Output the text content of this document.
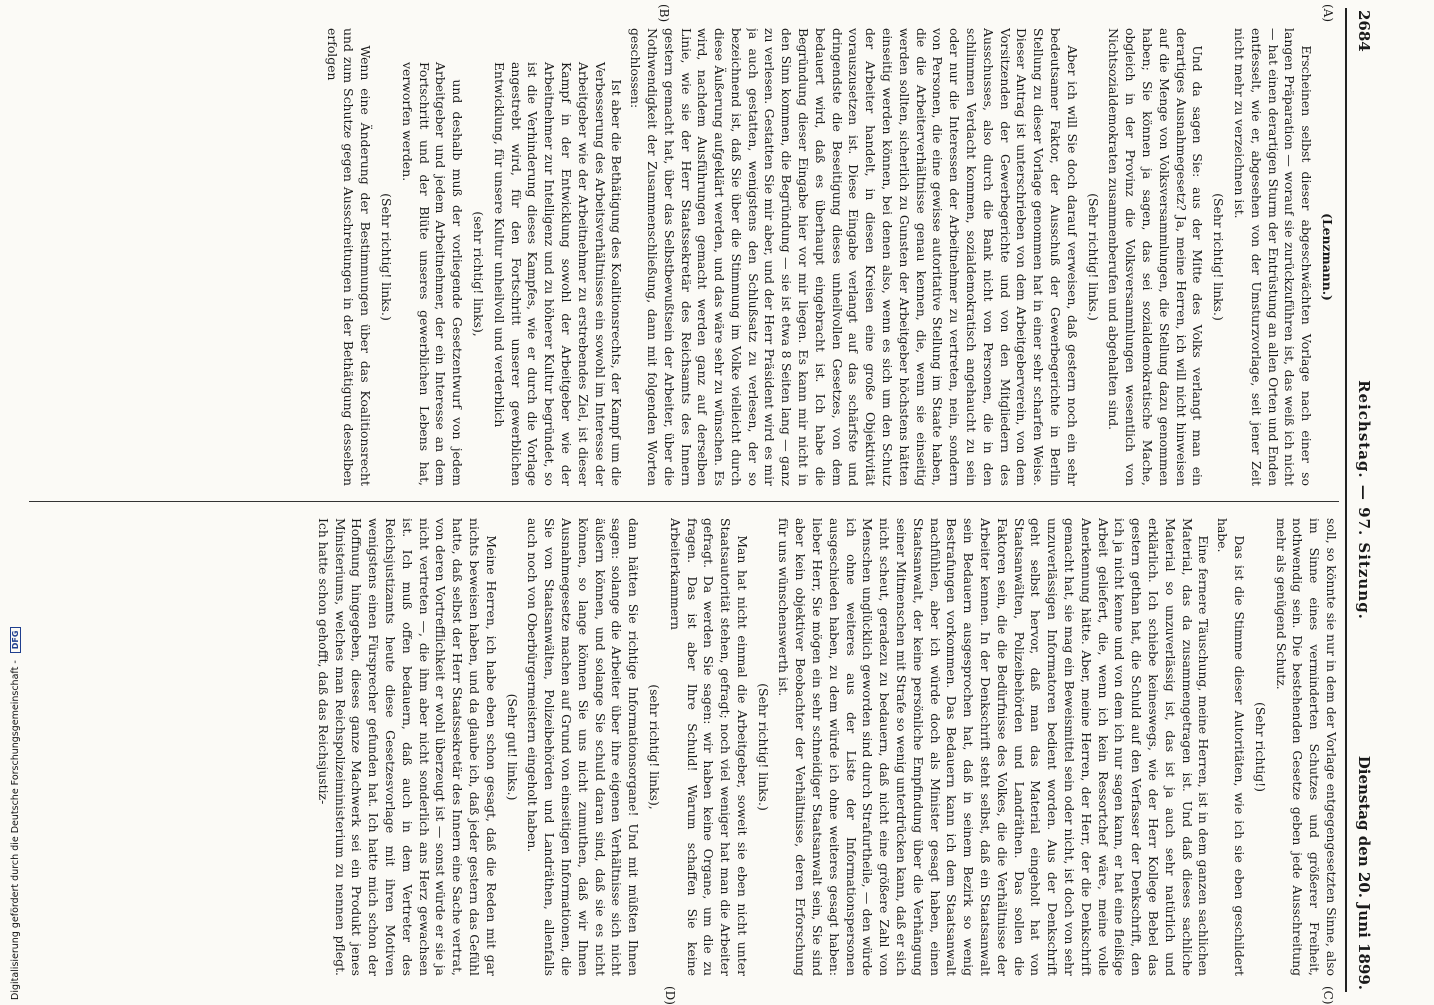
2684
Reichstag. — 97. Sitzung.
Dienstag den 20. Juni 1899.
(A)
(B)
(C)
(D)

(Lenzmann.)

Erscheinen selbst dieser abgeschwächten Vorlage nach einer so langen Präparation — worauf sie zurückzuführen ist, das weiß ich nicht — hat einen derartigen Sturm der Entrüstung an allen Orten und Enden entfesselt, wie er, abgesehen von der Umsturzvorlage, seit jener Zeit nicht mehr zu verzeichnen ist.

(Sehr richtig! links.)

Und da sagen Sie: aus der Mitte des Volks verlangt man ein derartiges Ausnahmegesetz? Ja, meine Herren, ich will nicht hinweisen auf die Menge von Volksversammlungen, die Stellung dazu genommen haben; Sie können ja sagen, das sei sozialdemokratische Mache, obgleich in der Provinz die Volksversammlungen wesentlich von Nichtsozialdemokraten zusammenberufen und abgehalten sind.

(Sehr richtig! links.)

Aber ich will Sie doch darauf verweisen, daß gestern noch ein sehr bedeutsamer Faktor, der Ausschuß der Gewerbegerichte in Berlin Stellung zu dieser Vorlage genommen hat in einer sehr scharfen Weise. Dieser Antrag ist unterschrieben von dem Arbeitgeberverein, von dem Vorsitzenden der Gewerbegerichte und von den Mitgliedern des Ausschusses, also durch die Bank nicht von Personen, die in den schlimmen Verdacht kommen, sozialdemokratisch angehaucht zu sein oder nur die Interessen der Arbeitnehmer zu vertreten, nein, sondern von Personen, die eine gewisse autoritative Stellung im Staate haben, die die Arbeiterverhältnisse genau kennen, die, wenn sie einseitig werden sollten, sicherlich zu Gunsten der Arbeitgeber höchstens hätten einseitig werden können, bei denen also, wenn es sich um den Schutz der Arbeiter handelt, in diesen Kreisen eine große Objektivität vorauszusetzen ist. Diese Eingabe verlangt auf das schärfste und dringendste die Beseitigung dieses unheilvollen Gesetzes, von dem bedauert wird, daß es überhaupt eingebracht ist. Ich habe die Begründung dieser Eingabe hier vor mir liegen. Es kann mir nicht in den Sinn kommen, die Begründung — sie ist etwa 8 Seiten lang — ganz zu verlesen. Gestatten Sie mir aber, und der Herr Präsident wird es mir ja auch gestatten, wenigstens den Schlußsatz zu verlesen, der so bezeichnend ist, daß Sie über die Stimmung im Volke vielleicht durch diese Äußerung aufgeklärt werden, und das wäre sehr zu wünschen. Es wird, nachdem Ausführungen gemacht werden ganz auf derselben Linie, wie sie der Herr Staatssekretär des Reichsamts des Innern gestern gemacht hat, über das Selbstbewußtsein der Arbeiter, über die Nothwendigkeit der Zusammenschließung, dann mit folgenden Worten geschlossen:

Ist aber die Bethätigung des Koalitionsrechts, der Kampf um die Verbesserung des Arbeitsverhältnisses ein sowohl im Interesse der Arbeitgeber wie der Arbeitnehmer zu erstrebendes Ziel, ist dieser Kampf in der Entwicklung sowohl der Arbeitgeber wie der Arbeitnehmer zur Intelligenz und zu höherer Kultur begründet, so ist die Verhinderung dieses Kampfes, wie er durch die Vorlage angestrebt wird, für den Fortschritt unserer gewerblichen Entwicklung, für unsere Kultur unheilvoll und verderblich

(sehr richtig! links),

und deshalb muß der vorliegende Gesetzentwurf von jedem Arbeitgeber und jedem Arbeitnehmer, der ein Interesse an dem Fortschritt und der Blüte unseres gewerblichen Lebens hat, verworfen werden.

(Sehr richtig! links.)

Wenn eine Änderung der Bestimmungen über das Koalitionsrecht und zum Schutze gegen Ausschreitungen in der Bethätigung desselben erfolgen

soll, so könnte sie nur in dem der Vorlage entgegengesetzten Sinne, also im Sinne eines verminderten Schutzes und größerer Freiheit, nothwendig sein. Die bestehenden Gesetze geben jede Ausschreitung mehr als genügend Schutz.

(Sehr richtig!)

Das ist die Stimme dieser Autoritäten, wie ich sie eben geschildert habe.

Eine fernere Täuschung, meine Herren, ist in dem ganzen sachlichen Material, das da zusammengetragen ist. Und daß dieses sachliche Material so unzuverlässig ist, das ist ja auch sehr natürlich und erklärlich. Ich schiebe keineswegs, wie der Herr Kollege Bebel das gestern gethan hat, die Schuld auf den Verfasser der Denkschrift, den ich ja nicht kenne und von dem ich nur sagen kann, er hat eine fleißige Arbeit geliefert, die, wenn ich kein Ressortchef wäre, meine volle Anerkennung hätte. Aber, meine Herren, der Herr, der die Denkschrift gemacht hat, sie mag ein Beweismittel sein oder nicht, ist doch von sehr unzuverlässigen Informatoren bedient worden. Aus der Denkschrift geht selbst hervor, daß man das Material eingeholt hat von Staatsanwälten, Polizeibehörden und Landräthen. Das sollen die Faktoren sein, die die Bedürfnisse des Volkes, die die Verhältnisse der Arbeiter kennen. In der Denkschrift steht selbst, daß ein Staatsanwalt sein Bedauern ausgesprochen hat, daß in seinem Bezirk so wenig Bestrafungen vorkommen. Das Bedauern kann ich dem Staatsanwalt nachfühlen, aber ich würde doch als Minister gesagt haben, einen Staatsanwalt, der keine persönliche Empfindung über die Verhängung seiner Mitmenschen mit Strafe so wenig unterdrücken kann, daß er sich nicht scheut, geradezu zu bedauern, daß nicht eine größere Zahl von Menschen unglücklich geworden sind durch Strafurtheile, — den würde ich ohne weiteres aus der Liste der Informationspersonen ausgeschieden haben, zu dem würde ich ohne weiteres gesagt haben: lieber Herr, Sie mögen ein sehr schneidiger Staatsanwalt sein, Sie sind aber kein objektiver Beobachter der Verhältnisse, deren Erforschung für uns wünschenswerth ist.

(Sehr richtig! links.)

Man hat nicht einmal die Arbeitgeber, soweit sie eben nicht unter Staatsautorität stehen, gefragt; noch viel weniger hat man die Arbeiter gefragt. Da werden Sie sagen: wir haben keine Organe, um die zu fragen. Das ist aber Ihre Schuld! Warum schaffen Sie keine Arbeiterkammern

(sehr richtig! links),

dann hätten Sie richtige Informationsorgane! Und mit müßten Ihnen sagen: solange die Arbeiter über ihre eigenen Verhältnisse sich nicht äußern können, und solange Sie schuld daran sind, daß sie es nicht können, so lange können Sie uns nicht zumuthen, daß wir Ihnen Ausnahmegesetze machen auf Grund von einseitigen Informationen, die Sie von Staatsanwälten, Polizeibehörden und Landräthen, allenfalls auch noch von Oberbürgermeistern eingeholt haben.

(Sehr gut! links.)

Meine Herren, ich habe eben schon gesagt, daß die Reden mit gar nichts beweisen haben, und da glaube ich, daß jeder gestern das Gefühl hatte, daß selbst der Herr Staatssekretär des Innern eine Sache vertrat, von deren Vortrefflichkeit er wohl überzeugt ist — sonst würde er sie ja nicht vertreten —, die ihm aber nicht sonderlich ans Herz gewachsen ist. Ich muß offen bedauern, daß auch in dem Vertreter des Reichsjustizamts heute diese Gesetzesvorlage mit ihren Motiven wenigstens einen Fürsprecher gefunden hat. Ich hatte mich schon der Hoffnung hingegeben, dieses ganze Machwerk sei ein Produkt jenes Ministeriums, welches man Reichspolizeiministerium zu nennen pflegt. Ich hatte schon gehofft, daß das Reichsjustiz-

Digitalisierung gefördert durch die Deutsche Forschungsgemeinschaft - DFG
